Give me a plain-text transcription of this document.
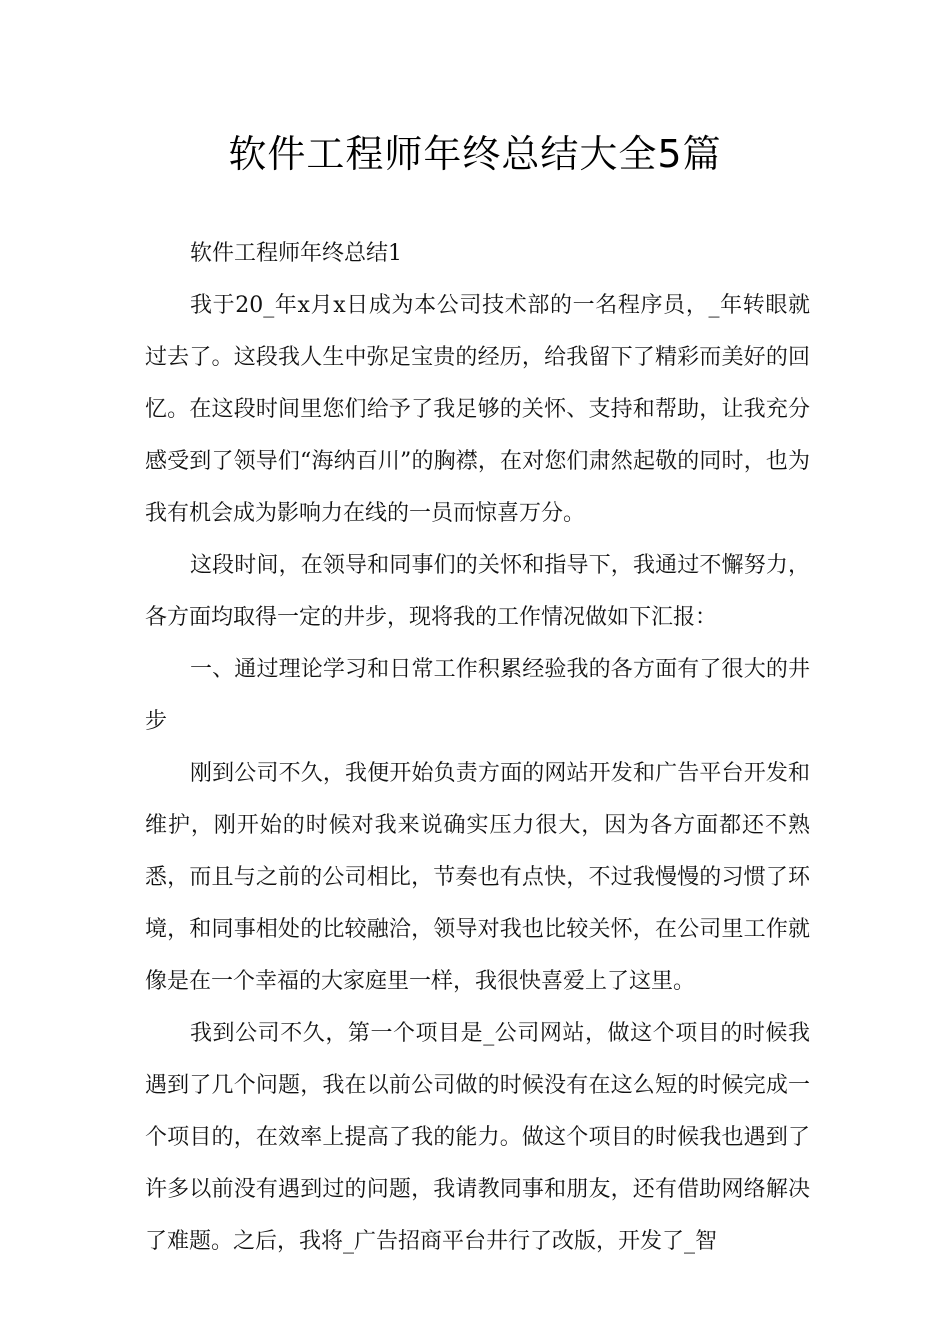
软件工程师年终总结大全5篇

软件工程师年终总结1

我于20_年x月x日成为本公司技术部的一名程序员，_年转眼就过去了。这段我人生中弥足宝贵的经历，给我留下了精彩而美好的回忆。在这段时间里您们给予了我足够的关怀、支持和帮助，让我充分感受到了领导们“海纳百川”的胸襟，在对您们肃然起敬的同时，也为我有机会成为影响力在线的一员而惊喜万分。

这段时间，在领导和同事们的关怀和指导下，我通过不懈努力，各方面均取得一定的井步，现将我的工作情况做如下汇报：

一、通过理论学习和日常工作积累经验我的各方面有了很大的井步

刚到公司不久，我便开始负责方面的网站开发和广告平台开发和维护，刚开始的时候对我来说确实压力很大，因为各方面都还不熟悉，而且与之前的公司相比，节奏也有点快，不过我慢慢的习惯了环境，和同事相处的比较融洽，领导对我也比较关怀，在公司里工作就像是在一个幸福的大家庭里一样，我很快喜爱上了这里。

我到公司不久，第一个项目是_公司网站，做这个项目的时候我遇到了几个问题，我在以前公司做的时候没有在这么短的时候完成一个项目的，在效率上提高了我的能力。做这个项目的时候我也遇到了许多以前没有遇到过的问题，我请教同事和朋友，还有借助网络解决了难题。之后，我将_广告招商平台井行了改版，开发了_智
